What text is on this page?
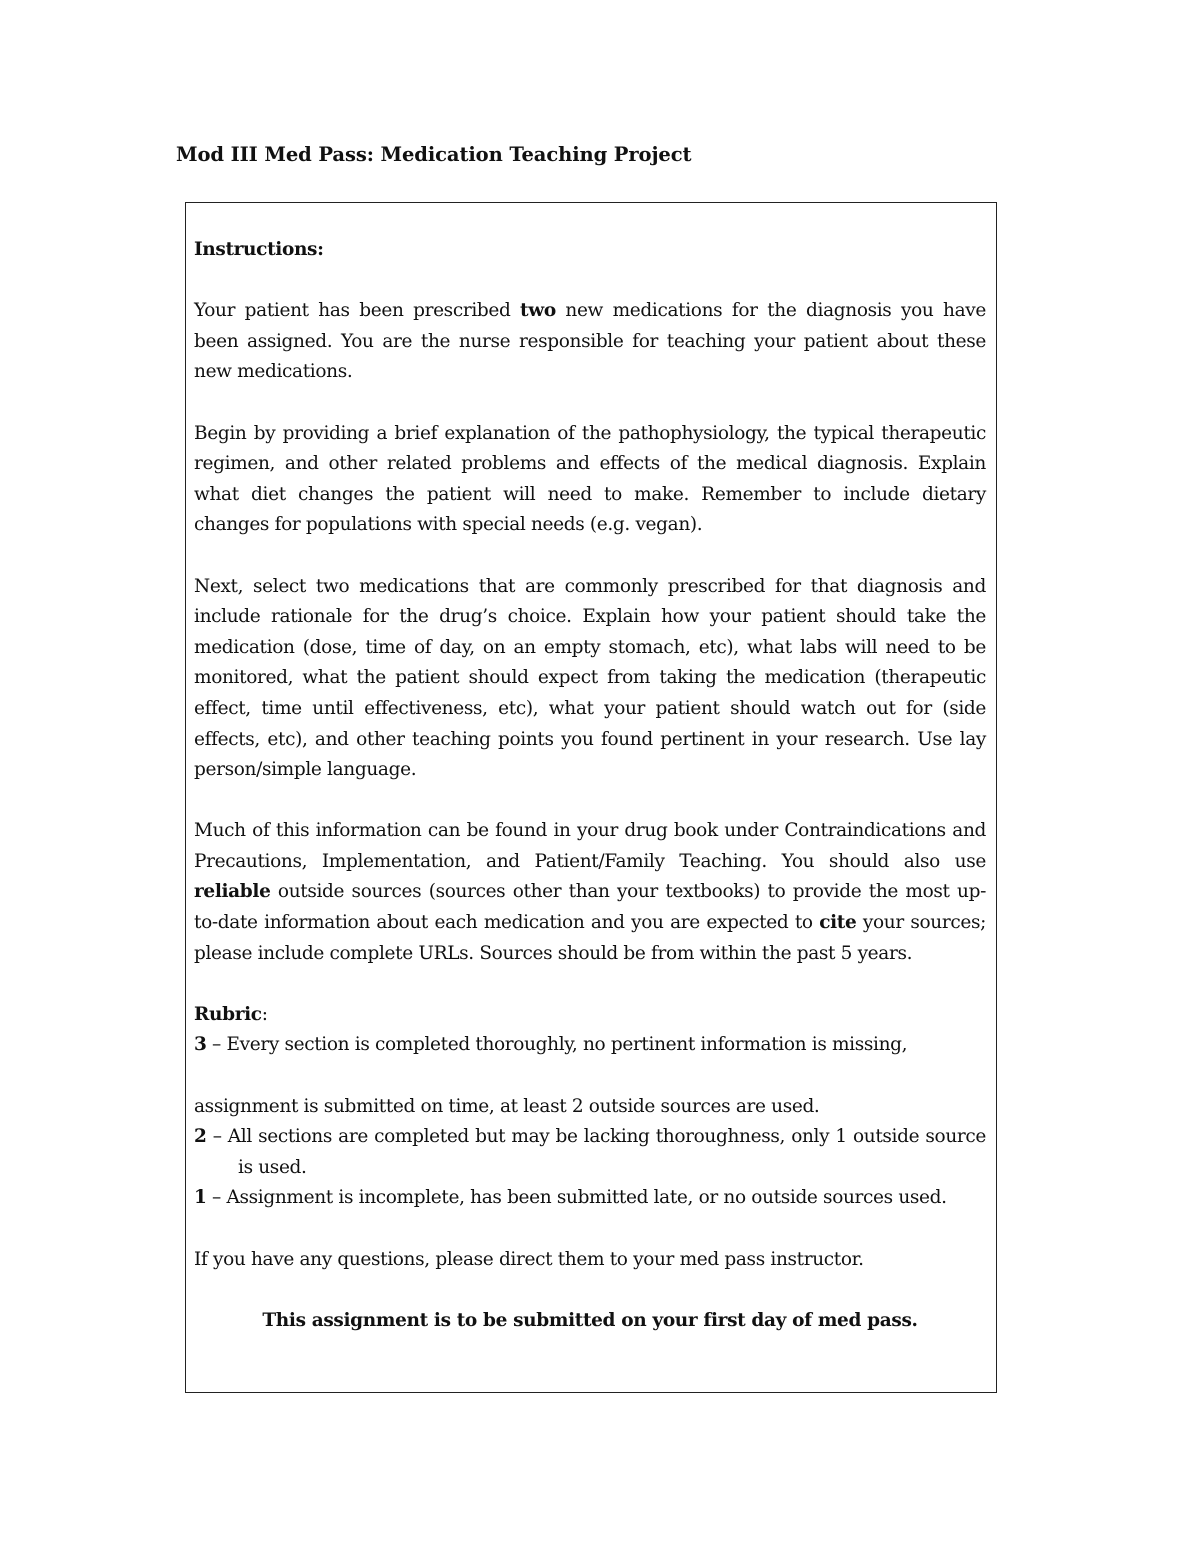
Mod III Med Pass: Medication Teaching Project

Instructions:

Your patient has been prescribed two new medications for the diagnosis you have been assigned. You are the nurse responsible for teaching your patient about these new medications.

Begin by providing a brief explanation of the pathophysiology, the typical therapeutic regimen, and other related problems and effects of the medical diagnosis. Explain what diet changes the patient will need to make. Remember to include dietary changes for populations with special needs (e.g. vegan).

Next, select two medications that are commonly prescribed for that diagnosis and include rationale for the drug’s choice. Explain how your patient should take the medication (dose, time of day, on an empty stomach, etc), what labs will need to be monitored, what the patient should expect from taking the medication (therapeutic effect, time until effectiveness, etc), what your patient should watch out for (side effects, etc), and other teaching points you found pertinent in your research. Use lay person/simple language.

Much of this information can be found in your drug book under Contraindications and Precautions, Implementation, and Patient/Family Teaching. You should also use reliable outside sources (sources other than your textbooks) to provide the most up-to-date information about each medication and you are expected to cite your sources; please include complete URLs. Sources should be from within the past 5 years.

Rubric:

3 – Every section is completed thoroughly, no pertinent information is missing,

assignment is submitted on time, at least 2 outside sources are used.

2 – All sections are completed but may be lacking thoroughness, only 1 outside source is used.

1 – Assignment is incomplete, has been submitted late, or no outside sources used.

If you have any questions, please direct them to your med pass instructor.

This assignment is to be submitted on your first day of med pass.
